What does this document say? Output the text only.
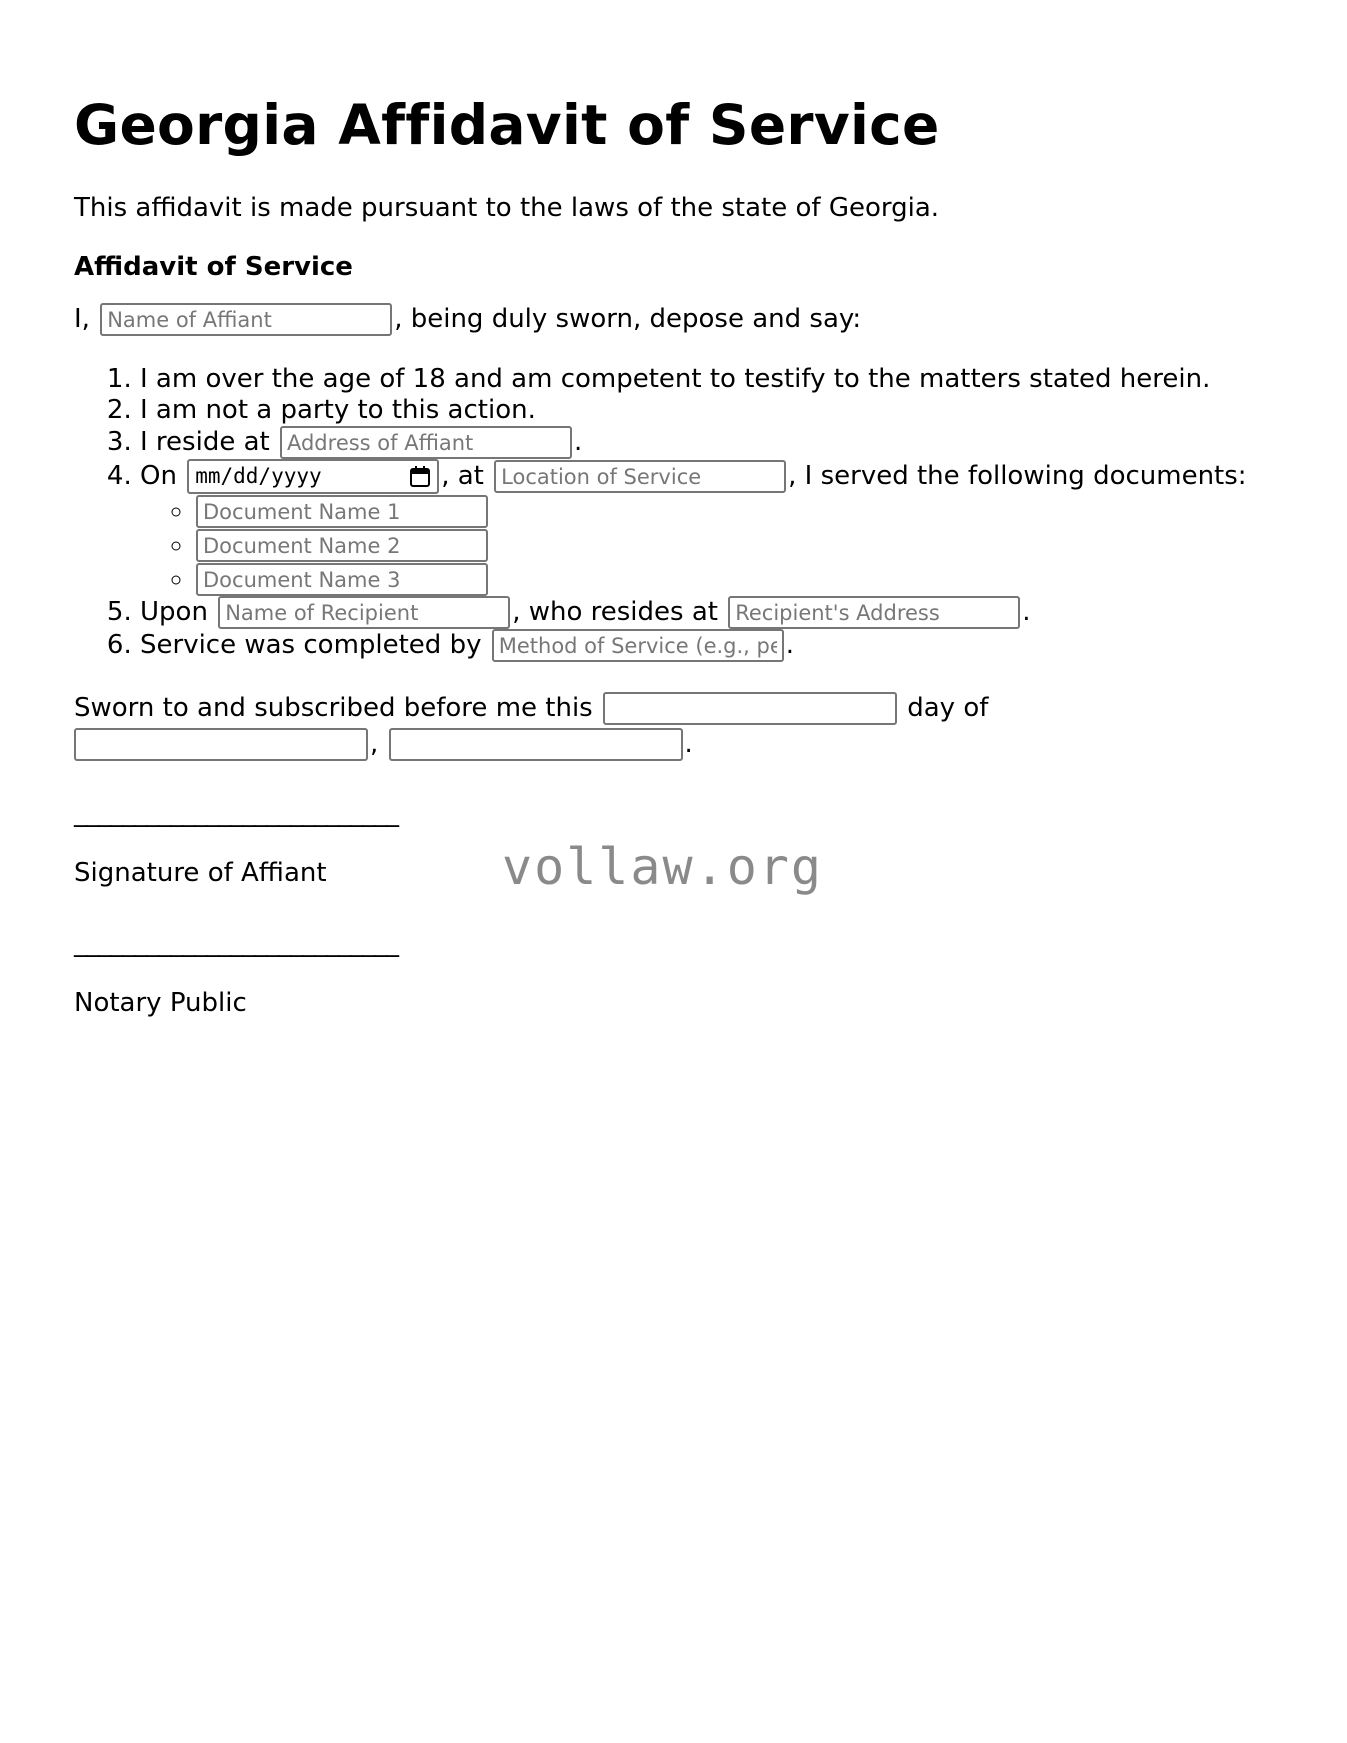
Georgia Affidavit of Service

This affidavit is made pursuant to the laws of the state of Georgia.

Affidavit of Service

I, Name of Affiant	, being duly sworn, depose and say:
1. I am over the age of 18 and am competent to testify to the matters stated herein.
2. I am not a party to this action.
3. I reside at Address of Affiant	.
4. On mm/dd/yyyy	, at Location of Service	, I served the following documents:
◦ Document Name 1
◦ Document Name 2
◦ Document Name 3
5. Upon Name of Recipient	, who resides at Recipient's Address	.
6. Service was completed by Method of Service (e.g., personal delivery)	.
Sworn to and subscribed before me this	day of
,	.
___________________________
Signature of Affiant
___________________________
Notary Public
vollaw.org
